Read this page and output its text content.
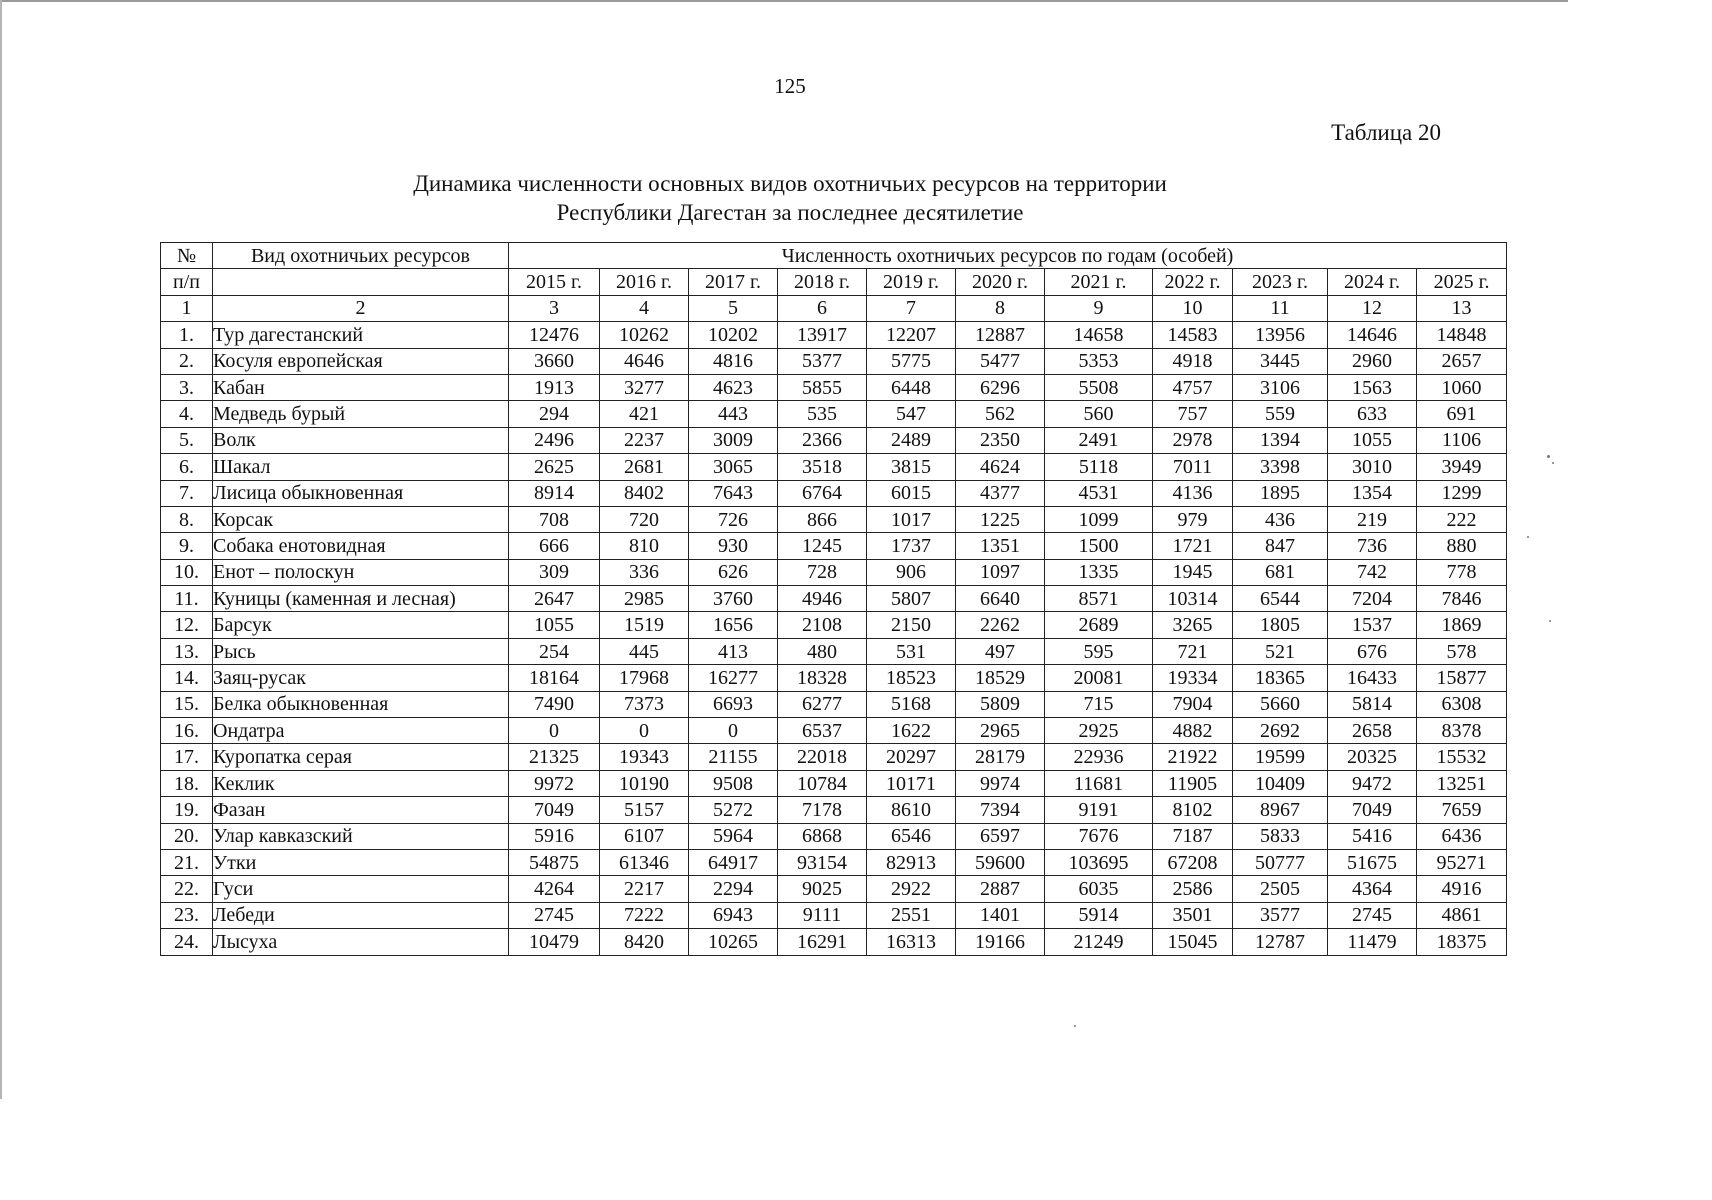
125
Таблица 20
Динамика численности основных видов охотничьих ресурсов на территории
Республики Дагестан за последнее десятилетие
№	Вид охотничьих ресурсов	Численность охотничьих ресурсов по годам (особей)										
п/п		2015 г.	2016 г.	2017 г.	2018 г.	2019 г.	2020 г.	2021 г.	2022 г.	2023 г.	2024 г.	2025 г.
1	2	3	4	5	6	7	8	9	10	11	12	13
1.	Тур дагестанский	12476	10262	10202	13917	12207	12887	14658	14583	13956	14646	14848
2.	Косуля европейская	3660	4646	4816	5377	5775	5477	5353	4918	3445	2960	2657
3.	Кабан	1913	3277	4623	5855	6448	6296	5508	4757	3106	1563	1060
4.	Медведь бурый	294	421	443	535	547	562	560	757	559	633	691
5.	Волк	2496	2237	3009	2366	2489	2350	2491	2978	1394	1055	1106
6.	Шакал	2625	2681	3065	3518	3815	4624	5118	7011	3398	3010	3949
7.	Лисица обыкновенная	8914	8402	7643	6764	6015	4377	4531	4136	1895	1354	1299
8.	Корсак	708	720	726	866	1017	1225	1099	979	436	219	222
9.	Собака енотовидная	666	810	930	1245	1737	1351	1500	1721	847	736	880
10.	Енот – полоскун	309	336	626	728	906	1097	1335	1945	681	742	778
11.	Куницы (каменная и лесная)	2647	2985	3760	4946	5807	6640	8571	10314	6544	7204	7846
12.	Барсук	1055	1519	1656	2108	2150	2262	2689	3265	1805	1537	1869
13.	Рысь	254	445	413	480	531	497	595	721	521	676	578
14.	Заяц-русак	18164	17968	16277	18328	18523	18529	20081	19334	18365	16433	15877
15.	Белка обыкновенная	7490	7373	6693	6277	5168	5809	715	7904	5660	5814	6308
16.	Ондатра	0	0	0	6537	1622	2965	2925	4882	2692	2658	8378
17.	Куропатка серая	21325	19343	21155	22018	20297	28179	22936	21922	19599	20325	15532
18.	Кеклик	9972	10190	9508	10784	10171	9974	11681	11905	10409	9472	13251
19.	Фазан	7049	5157	5272	7178	8610	7394	9191	8102	8967	7049	7659
20.	Улар кавказский	5916	6107	5964	6868	6546	6597	7676	7187	5833	5416	6436
21.	Утки	54875	61346	64917	93154	82913	59600	103695	67208	50777	51675	95271
22.	Гуси	4264	2217	2294	9025	2922	2887	6035	2586	2505	4364	4916
23.	Лебеди	2745	7222	6943	9111	2551	1401	5914	3501	3577	2745	4861
24.	Лысуха	10479	8420	10265	16291	16313	19166	21249	15045	12787	11479	18375
